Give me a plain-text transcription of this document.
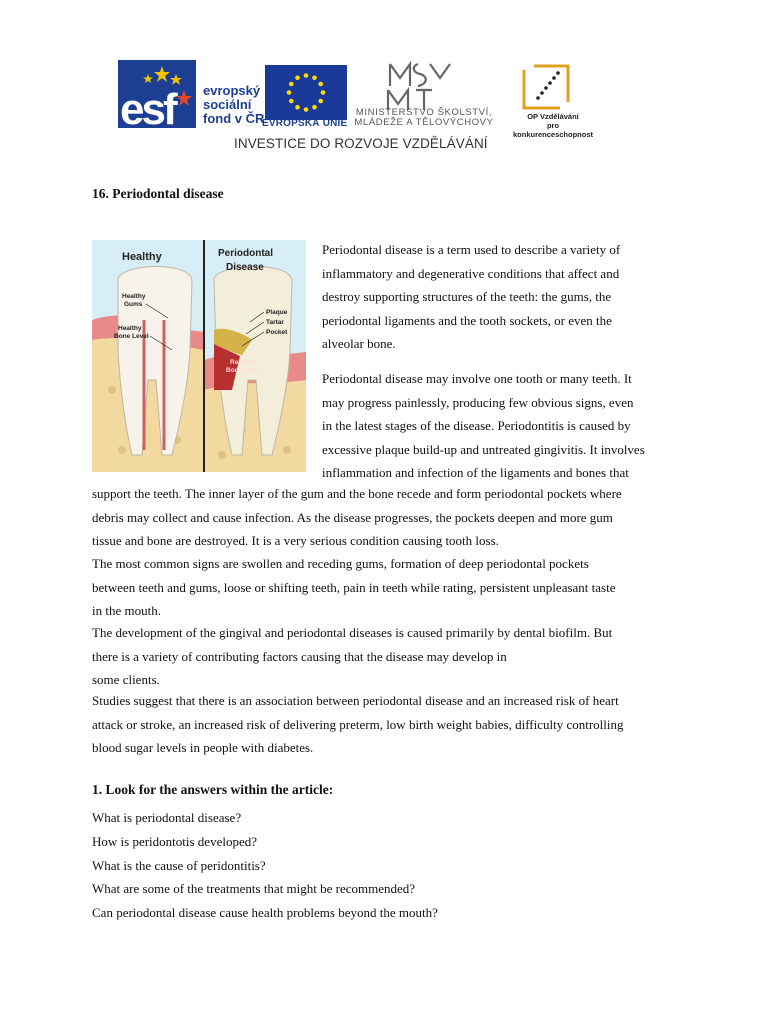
esf evropský
sociální
fond v ČR
EVROPSKÁ UNIE
MINISTERSTVO ŠKOLSTVÍ,
MLÁDEŽE A TĚLOVÝCHOVY
OP Vzdělávání
pro konkurenceschopnost
INVESTICE DO ROZVOJE VZDĚLÁVÁNÍ
16. Periodontal disease
Healthy	Periodontal
Disease
Healthy
Gums
Healthy
Bone Level
Plaque
Tartar
Pocket
Reduced
Bone Level
Periodontal disease is a term used to describe a variety of
inflammatory and degenerative conditions that affect and
destroy supporting structures of the teeth: the gums, the
periodontal ligaments and the tooth sockets, or even the
alveolar bone.
Periodontal disease may involve one tooth or many teeth. It
may progress painlessly, producing few obvious signs, even
in the latest stages of the disease. Periodontitis is caused by
excessive plaque build-up and untreated gingivitis. It involves
inflammation and infection of the ligaments and bones that
support the teeth. The inner layer of the gum and the bone recede and form periodontal pockets where
debris may collect and cause infection. As the disease progresses, the pockets deepen and more gum
tissue and bone are destroyed. It is a very serious condition causing tooth loss.
The most common signs are swollen and receding gums, formation of deep periodontal pockets
between teeth and gums, loose or shifting teeth, pain in teeth while rating, persistent unpleasant taste
in the mouth.
The development of the gingival and periodontal diseases is caused primarily by dental biofilm. But
there is a variety of contributing factors causing that the disease may develop in
some clients.
Studies suggest that there is an association between periodontal disease and an increased risk of heart
attack or stroke, an increased risk of delivering preterm, low birth weight babies, difficulty controlling
blood sugar levels in people with diabetes.
1. Look for the answers within the article:
What is periodontal disease?
How is peridontotis developed?
What is the cause of peridontitis?
What are some of the treatments that might be recommended?
Can periodontal disease cause health problems beyond the mouth?
